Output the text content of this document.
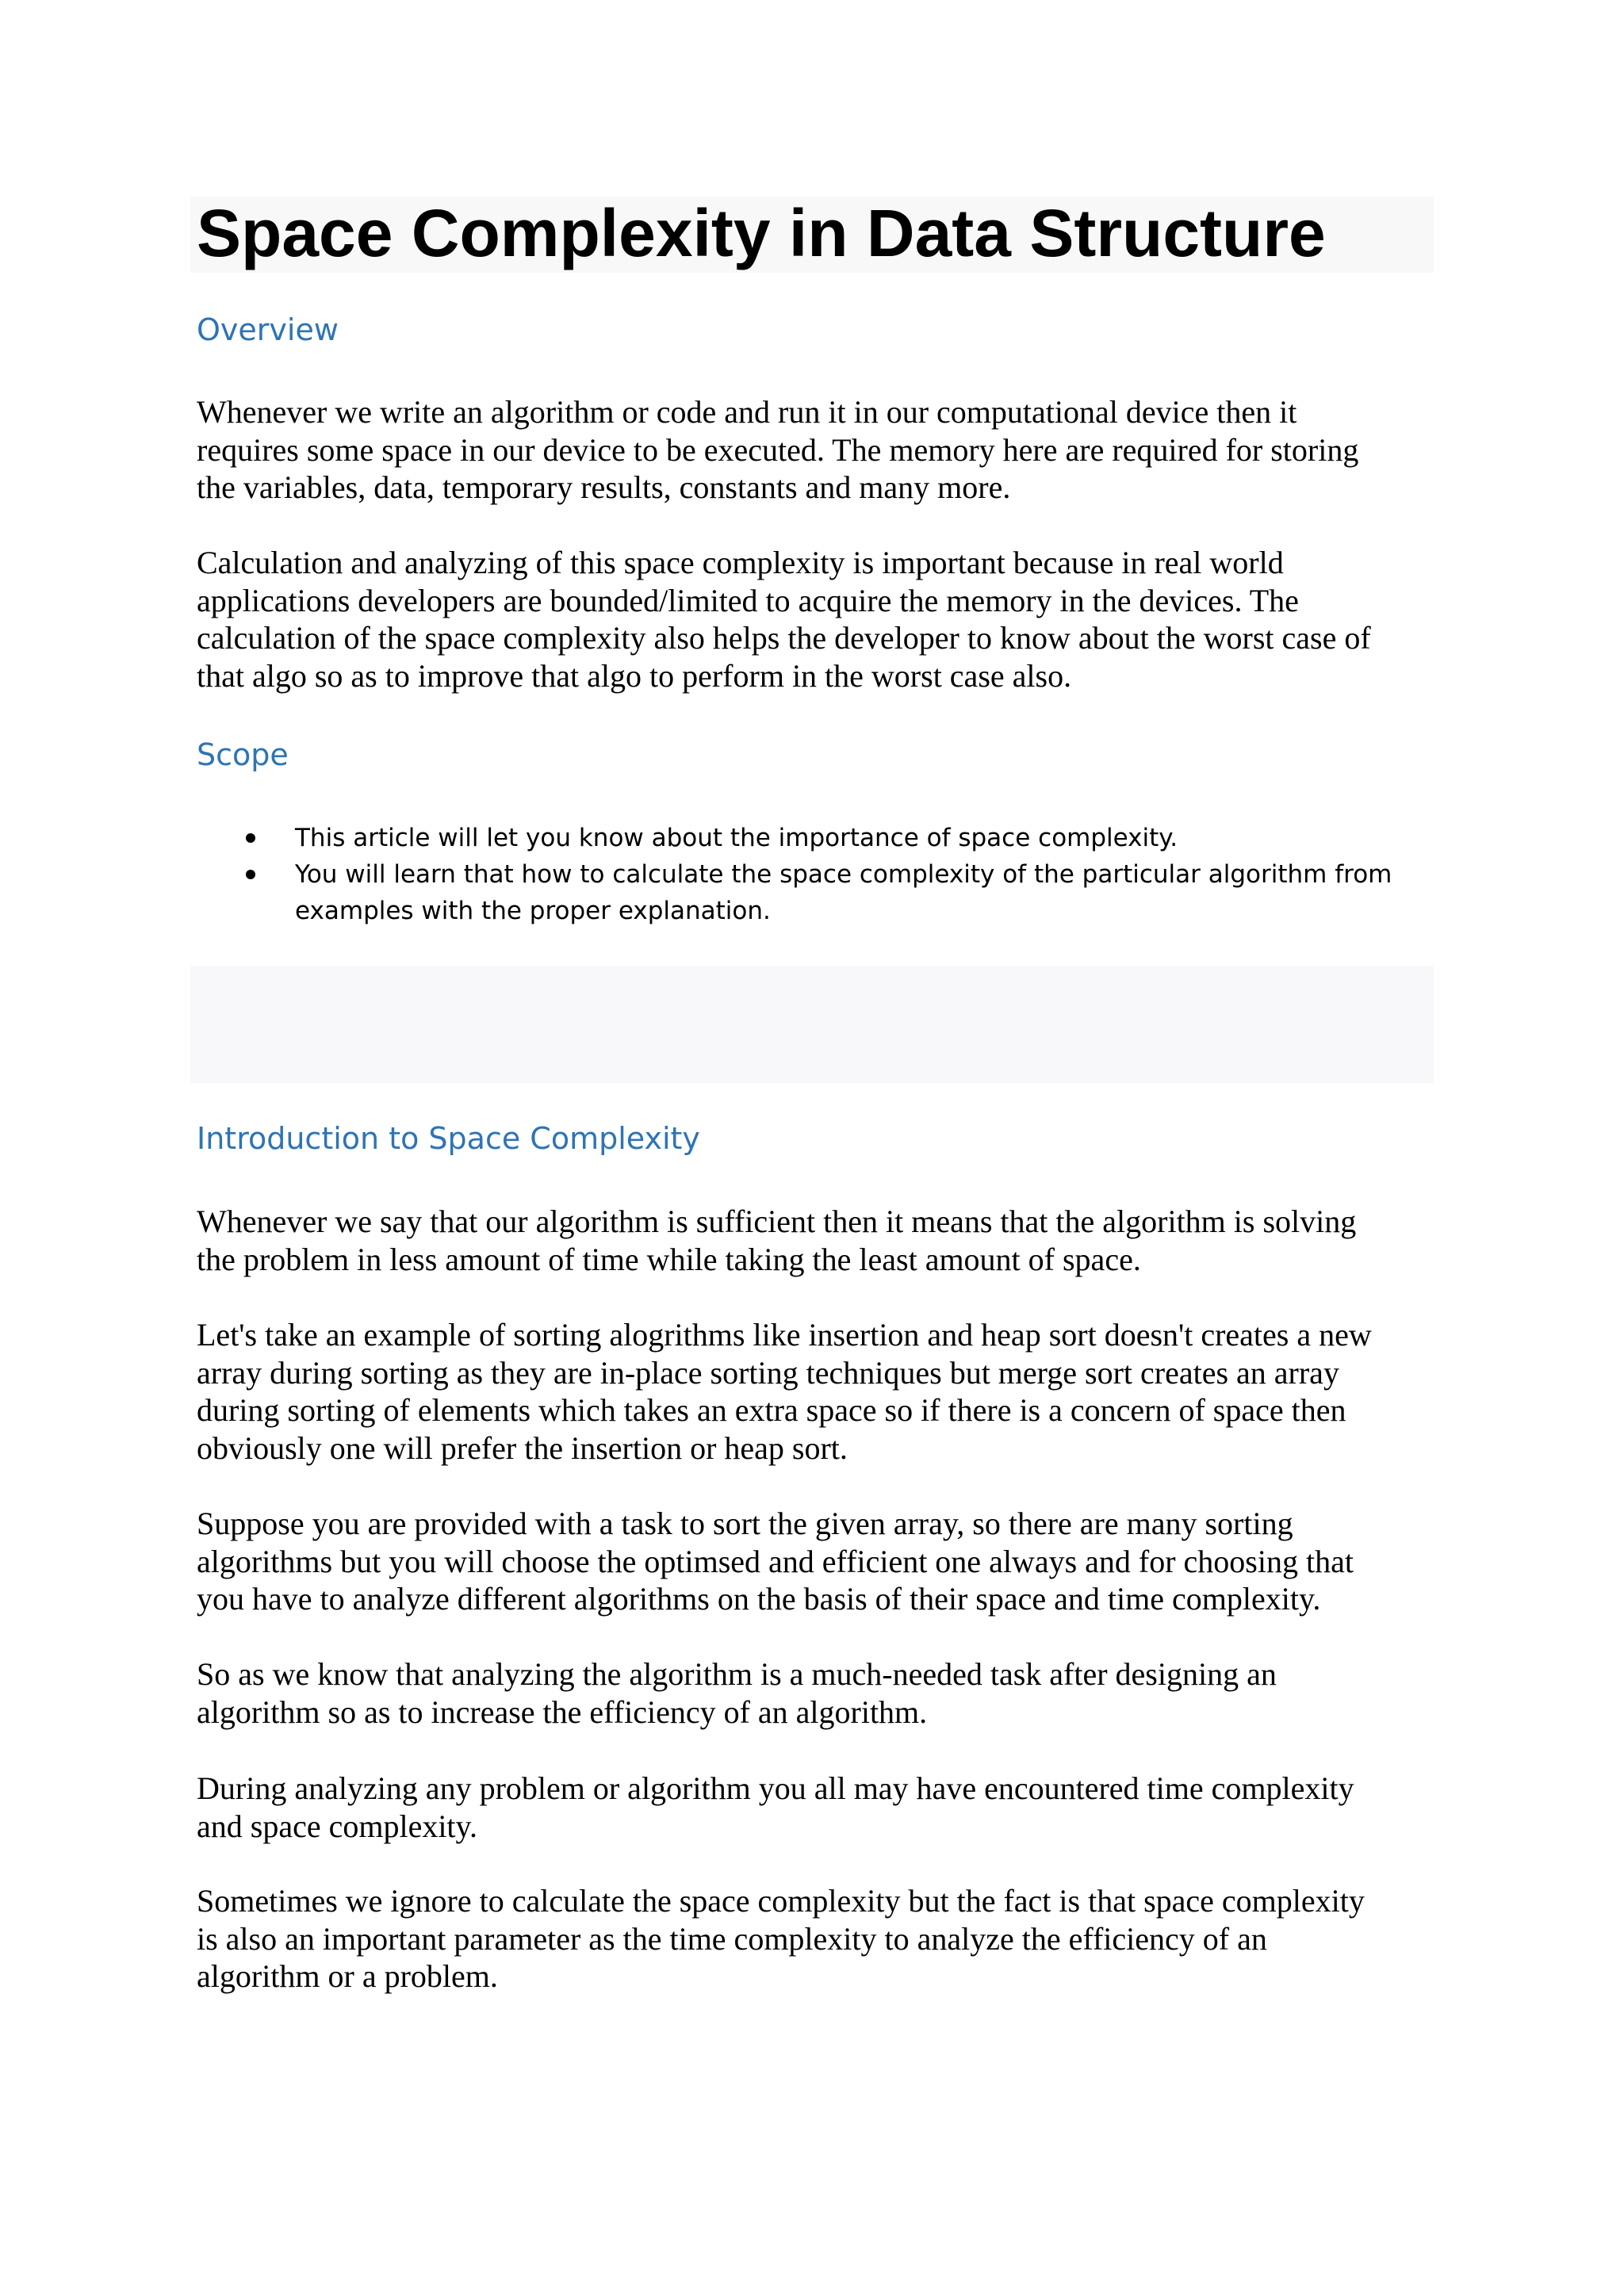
Space Complexity in Data Structure
Overview
Whenever we write an algorithm or code and run it in our computational device then it
requires some space in our device to be executed. The memory here are required for storing
the variables, data, temporary results, constants and many more.
Calculation and analyzing of this space complexity is important because in real world
applications developers are bounded/limited to acquire the memory in the devices. The
calculation of the space complexity also helps the developer to know about the worst case of
that algo so as to improve that algo to perform in the worst case also.
Scope
This article will let you know about the importance of space complexity.
You will learn that how to calculate the space complexity of the particular algorithm from
examples with the proper explanation.
Introduction to Space Complexity
Whenever we say that our algorithm is sufficient then it means that the algorithm is solving
the problem in less amount of time while taking the least amount of space.
Let's take an example of sorting alogrithms like insertion and heap sort doesn't creates a new
array during sorting as they are in-place sorting techniques but merge sort creates an array
during sorting of elements which takes an extra space so if there is a concern of space then
obviously one will prefer the insertion or heap sort.
Suppose you are provided with a task to sort the given array, so there are many sorting
algorithms but you will choose the optimsed and efficient one always and for choosing that
you have to analyze different algorithms on the basis of their space and time complexity.
So as we know that analyzing the algorithm is a much-needed task after designing an
algorithm so as to increase the efficiency of an algorithm.
During analyzing any problem or algorithm you all may have encountered time complexity
and space complexity.
Sometimes we ignore to calculate the space complexity but the fact is that space complexity
is also an important parameter as the time complexity to analyze the efficiency of an
algorithm or a problem.
